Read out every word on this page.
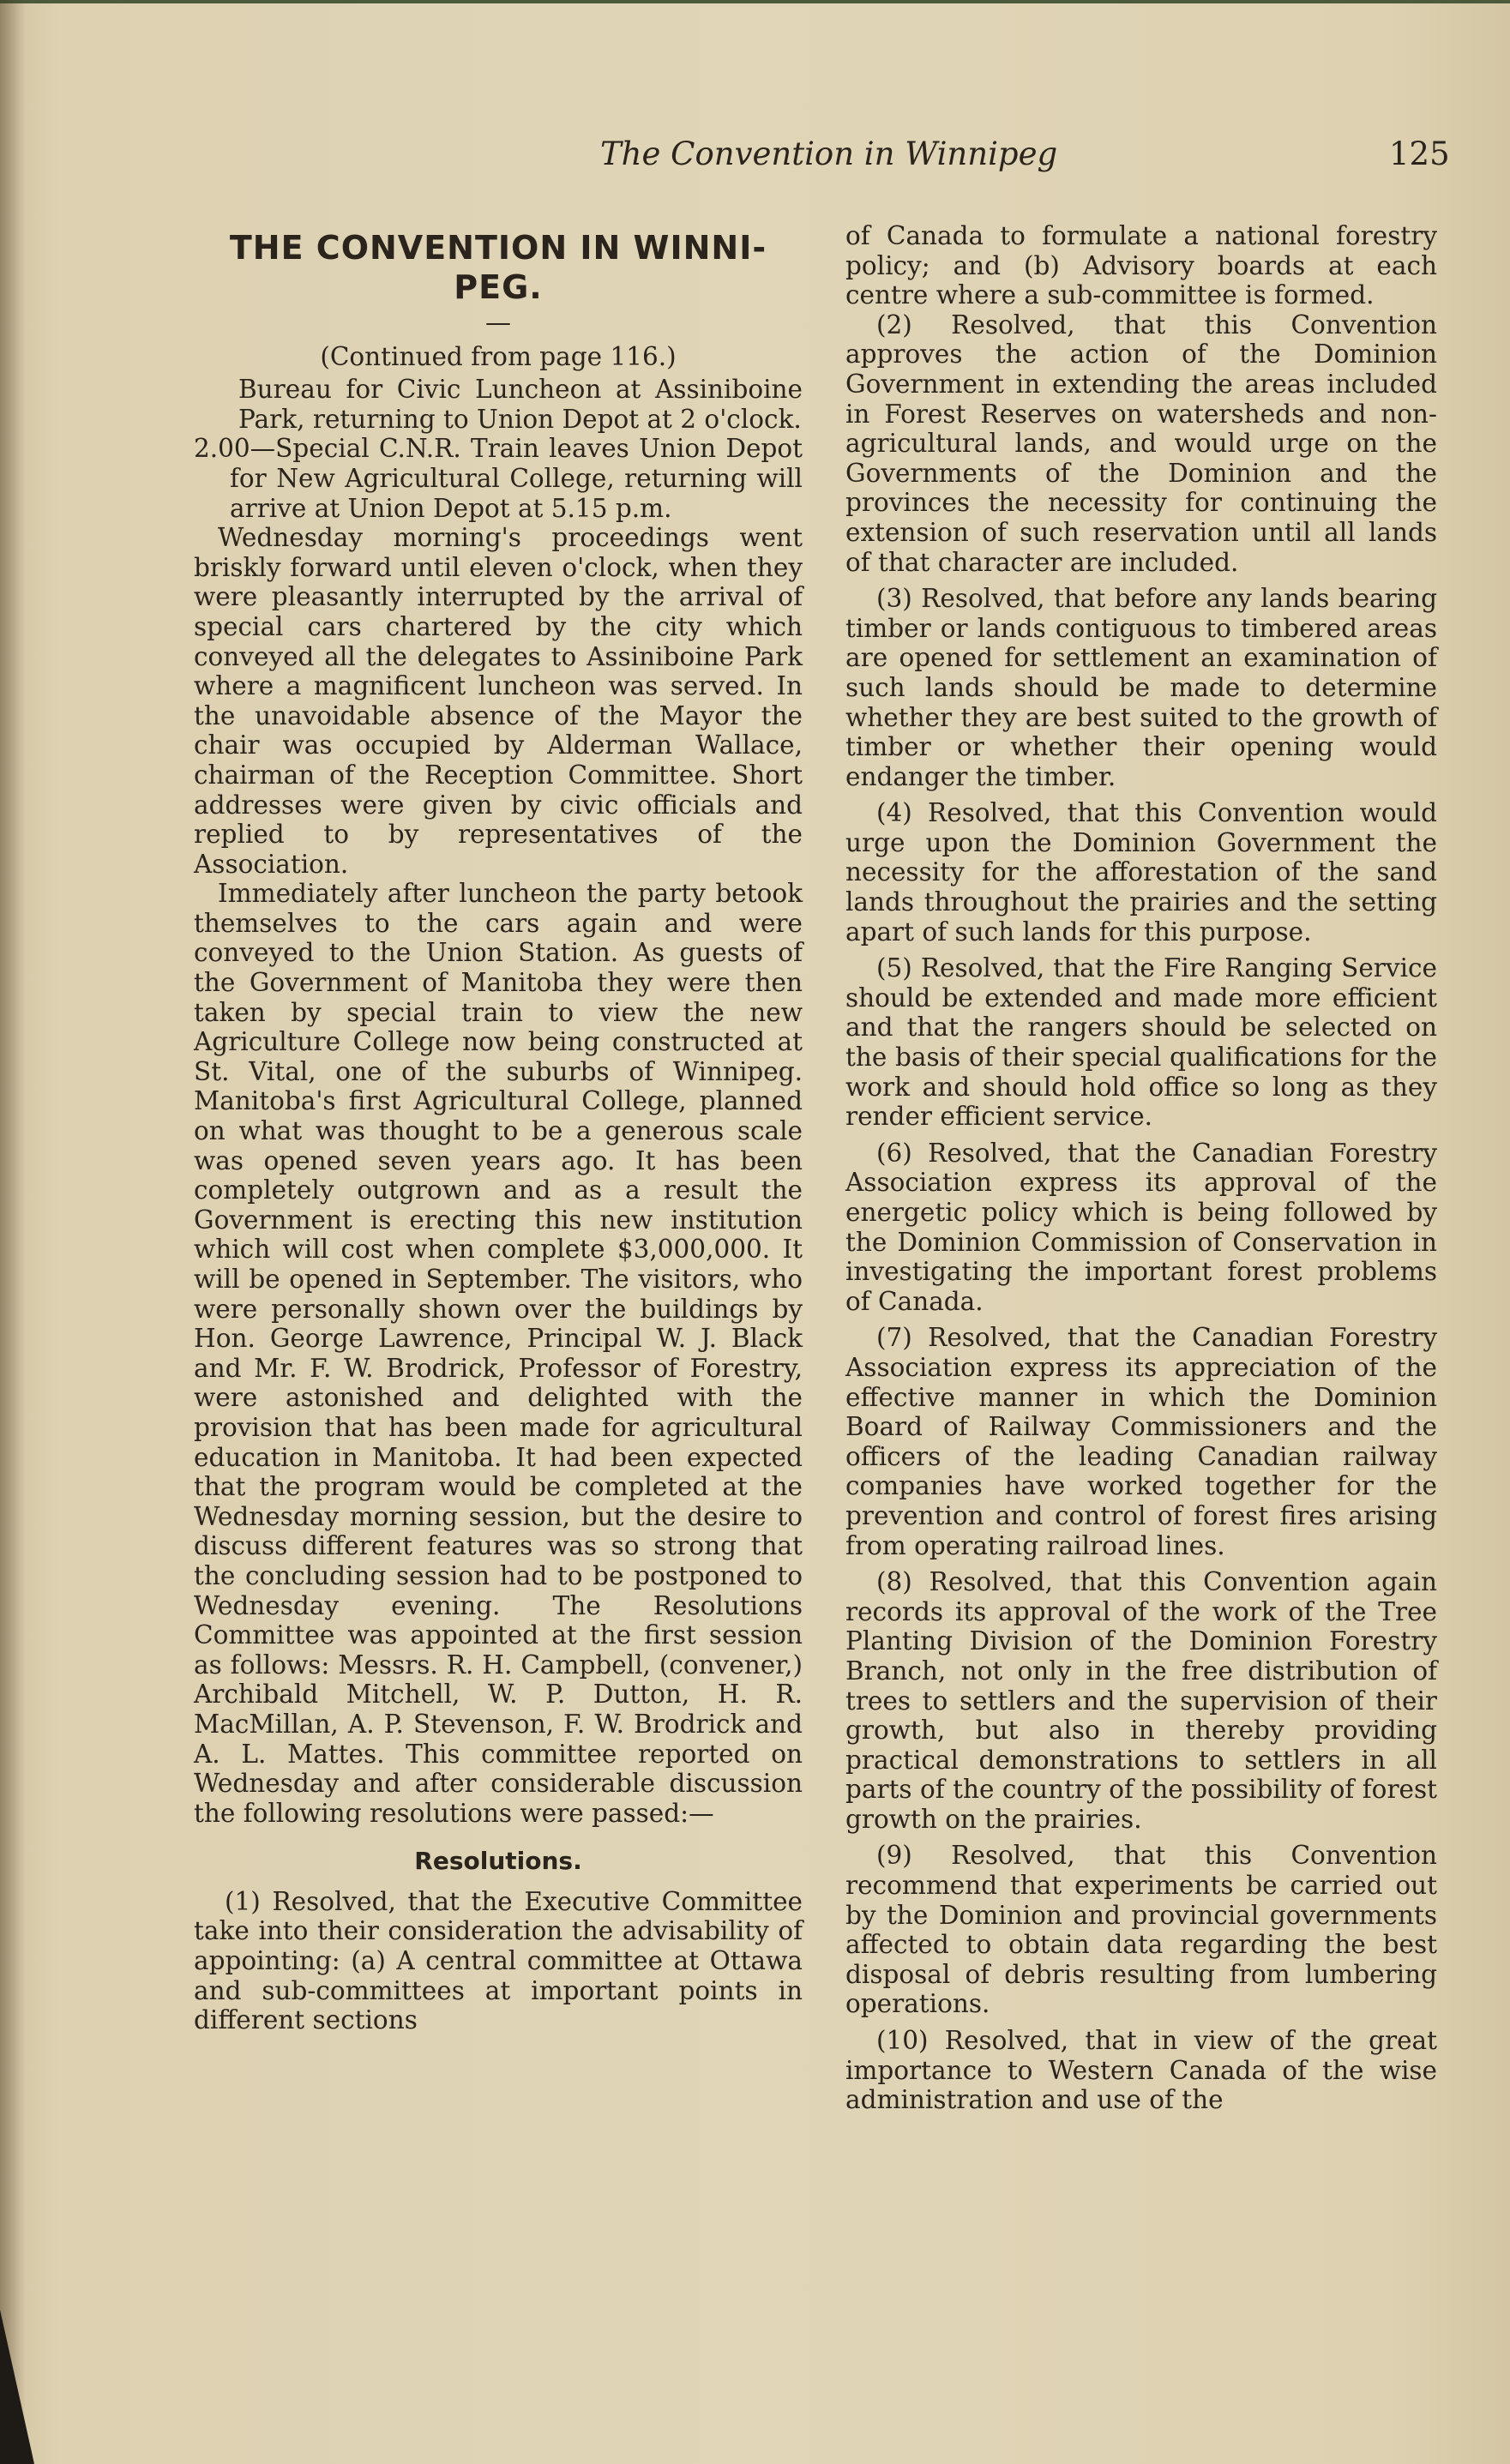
The Convention in Winnipeg	125
THE CONVENTION IN WINNI-PEG.
—
(Continued from page 116.)

Bureau for Civic Luncheon at Assiniboine Park, returning to Union Depot at 2 o'clock.

2.00—Special C.N.R. Train leaves Union Depot for New Agricultural College, returning will arrive at Union Depot at 5.15 p.m.

Wednesday morning's proceedings went briskly forward until eleven o'clock, when they were pleasantly interrupted by the arrival of special cars chartered by the city which conveyed all the delegates to Assiniboine Park where a magnificent luncheon was served. In the unavoidable absence of the Mayor the chair was occupied by Alderman Wallace, chairman of the Reception Committee. Short addresses were given by civic officials and replied to by representatives of the Association.

Immediately after luncheon the party betook themselves to the cars again and were conveyed to the Union Station. As guests of the Government of Manitoba they were then taken by special train to view the new Agriculture College now being constructed at St. Vital, one of the suburbs of Winnipeg. Manitoba's first Agricultural College, planned on what was thought to be a generous scale was opened seven years ago. It has been completely outgrown and as a result the Government is erecting this new institution which will cost when complete $3,000,000. It will be opened in September. The visitors, who were personally shown over the buildings by Hon. George Lawrence, Principal W. J. Black and Mr. F. W. Brodrick, Professor of Forestry, were astonished and delighted with the provision that has been made for agricultural education in Manitoba. It had been expected that the program would be completed at the Wednesday morning session, but the desire to discuss different features was so strong that the concluding session had to be postponed to Wednesday evening. The Resolutions Committee was appointed at the first session as follows: Messrs. R. H. Campbell, (convener,) Archibald Mitchell, W. P. Dutton, H. R. MacMillan, A. P. Stevenson, F. W. Brodrick and A. L. Mattes. This committee reported on Wednesday and after considerable discussion the following resolutions were passed:—

Resolutions.

(1) Resolved, that the Executive Committee take into their consideration the advisability of appointing: (a) A central committee at Ottawa and sub-committees at important points in different sections

of Canada to formulate a national forestry policy; and (b) Advisory boards at each centre where a sub-committee is formed.

(2) Resolved, that this Convention approves the action of the Dominion Government in extending the areas included in Forest Reserves on watersheds and non-agricultural lands, and would urge on the Governments of the Dominion and the provinces the necessity for continuing the extension of such reservation until all lands of that character are included.

(3) Resolved, that before any lands bearing timber or lands contiguous to timbered areas are opened for settlement an examination of such lands should be made to determine whether they are best suited to the growth of timber or whether their opening would endanger the timber.

(4) Resolved, that this Convention would urge upon the Dominion Government the necessity for the afforestation of the sand lands throughout the prairies and the setting apart of such lands for this purpose.

(5) Resolved, that the Fire Ranging Service should be extended and made more efficient and that the rangers should be selected on the basis of their special qualifications for the work and should hold office so long as they render efficient service.

(6) Resolved, that the Canadian Forestry Association express its approval of the energetic policy which is being followed by the Dominion Commission of Conservation in investigating the important forest problems of Canada.

(7) Resolved, that the Canadian Forestry Association express its appreciation of the effective manner in which the Dominion Board of Railway Commissioners and the officers of the leading Canadian railway companies have worked together for the prevention and control of forest fires arising from operating railroad lines.

(8) Resolved, that this Convention again records its approval of the work of the Tree Planting Division of the Dominion Forestry Branch, not only in the free distribution of trees to settlers and the supervision of their growth, but also in thereby providing practical demonstrations to settlers in all parts of the country of the possibility of forest growth on the prairies.

(9) Resolved, that this Convention recommend that experiments be carried out by the Dominion and provincial governments affected to obtain data regarding the best disposal of debris resulting from lumbering operations.

(10) Resolved, that in view of the great importance to Western Canada of the wise administration and use of the
